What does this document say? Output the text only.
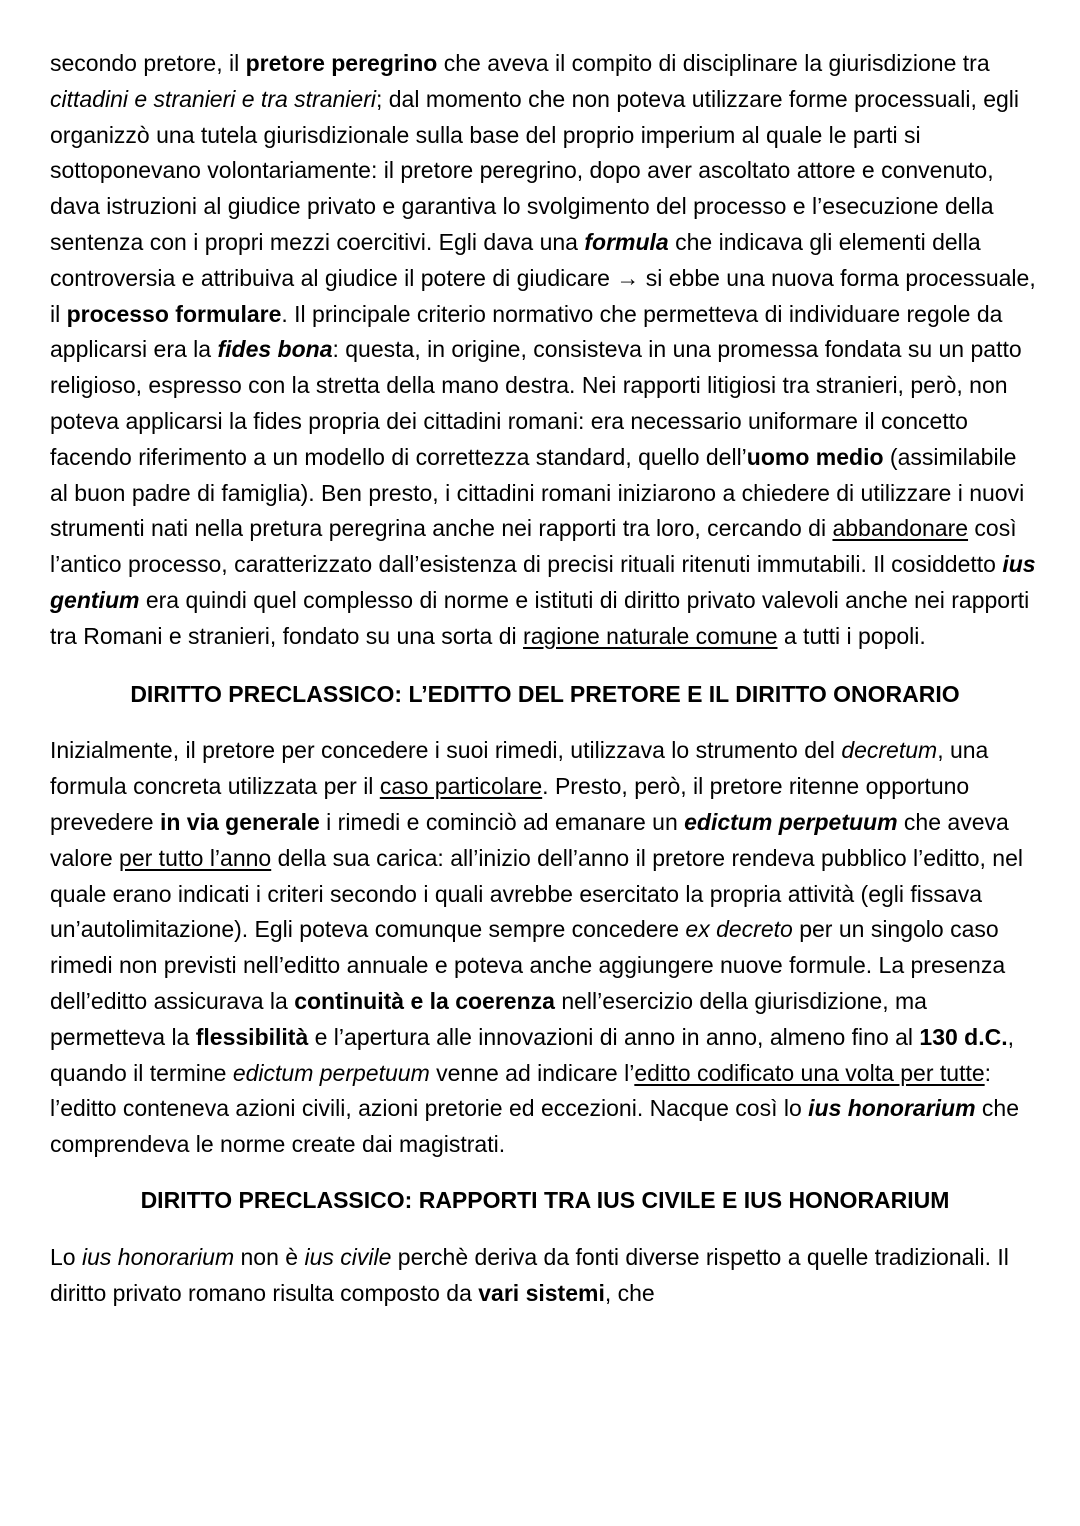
secondo pretore, il pretore peregrino che aveva il compito di disciplinare la giurisdizione tra cittadini e stranieri e tra stranieri; dal momento che non poteva utilizzare forme processuali, egli organizzò una tutela giurisdizionale sulla base del proprio imperium al quale le parti si sottoponevano volontariamente: il pretore peregrino, dopo aver ascoltato attore e convenuto, dava istruzioni al giudice privato e garantiva lo svolgimento del processo e l’esecuzione della sentenza con i propri mezzi coercitivi. Egli dava una formula che indicava gli elementi della controversia e attribuiva al giudice il potere di giudicare → si ebbe una nuova forma processuale, il processo formulare. Il principale criterio normativo che permetteva di individuare regole da applicarsi era la fides bona: questa, in origine, consisteva in una promessa fondata su un patto religioso, espresso con la stretta della mano destra. Nei rapporti litigiosi tra stranieri, però, non poteva applicarsi la fides propria dei cittadini romani: era necessario uniformare il concetto facendo riferimento a un modello di correttezza standard, quello dell’uomo medio (assimilabile al buon padre di famiglia). Ben presto, i cittadini romani iniziarono a chiedere di utilizzare i nuovi strumenti nati nella pretura peregrina anche nei rapporti tra loro, cercando di abbandonare così l’antico processo, caratterizzato dall’esistenza di precisi rituali ritenuti immutabili. Il cosiddetto ius gentium era quindi quel complesso di norme e istituti di diritto privato valevoli anche nei rapporti tra Romani e stranieri, fondato su una sorta di ragione naturale comune a tutti i popoli.

DIRITTO PRECLASSICO: L’EDITTO DEL PRETORE E IL DIRITTO ONORARIO

Inizialmente, il pretore per concedere i suoi rimedi, utilizzava lo strumento del decretum, una formula concreta utilizzata per il caso particolare. Presto, però, il pretore ritenne opportuno prevedere in via generale i rimedi e cominciò ad emanare un edictum perpetuum che aveva valore per tutto l’anno della sua carica: all’inizio dell’anno il pretore rendeva pubblico l’editto, nel quale erano indicati i criteri secondo i quali avrebbe esercitato la propria attività (egli fissava un’autolimitazione). Egli poteva comunque sempre concedere ex decreto per un singolo caso rimedi non previsti nell’editto annuale e poteva anche aggiungere nuove formule. La presenza dell’editto assicurava la continuità e la coerenza nell’esercizio della giurisdizione, ma permetteva la flessibilità e l’apertura alle innovazioni di anno in anno, almeno fino al 130 d.C., quando il termine edictum perpetuum venne ad indicare l’editto codificato una volta per tutte: l’editto conteneva azioni civili, azioni pretorie ed eccezioni. Nacque così lo ius honorarium che comprendeva le norme create dai magistrati.

DIRITTO PRECLASSICO: RAPPORTI TRA IUS CIVILE E IUS HONORARIUM

Lo ius honorarium non è ius civile perchè deriva da fonti diverse rispetto a quelle tradizionali. Il diritto privato romano risulta composto da vari sistemi, che
